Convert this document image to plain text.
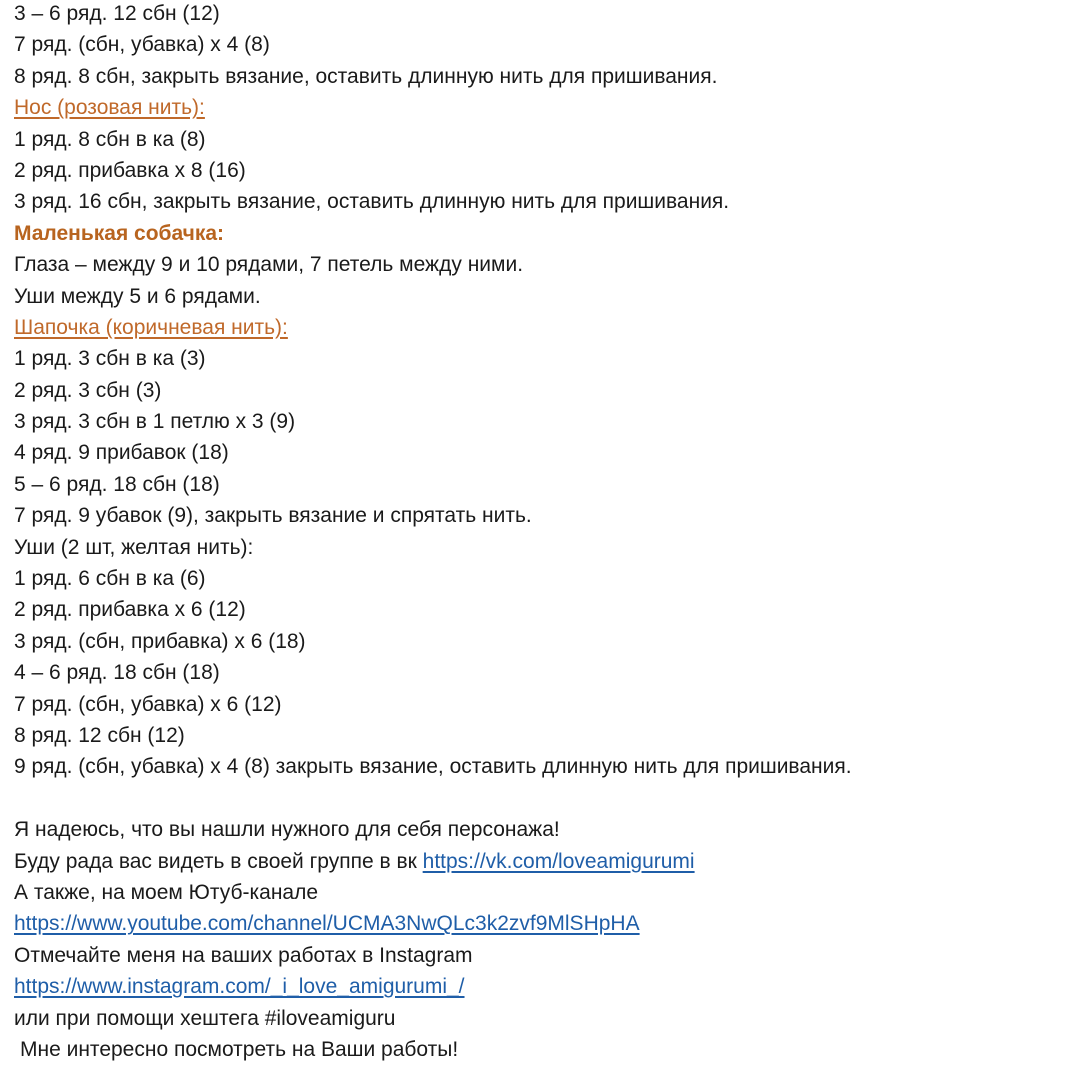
3 – 6 ряд. 12 сбн (12)
7 ряд. (сбн, убавка) х 4 (8)
8 ряд. 8 сбн, закрыть вязание, оставить длинную нить для пришивания.
Нос (розовая нить):
1 ряд. 8 сбн в ка (8)
2 ряд. прибавка х 8 (16)
3 ряд. 16 сбн, закрыть вязание, оставить длинную нить для пришивания.
Маленькая собачка:
Глаза – между 9 и 10 рядами, 7 петель между ними.
Уши между 5 и 6 рядами.
Шапочка (коричневая нить):
1 ряд. 3 сбн в ка (3)
2 ряд. 3 сбн (3)
3 ряд. 3 сбн в 1 петлю х 3 (9)
4 ряд. 9 прибавок (18)
5 – 6 ряд. 18 сбн (18)
7 ряд. 9 убавок (9), закрыть вязание и спрятать нить.
Уши (2 шт, желтая нить):
1 ряд. 6 сбн в ка (6)
2 ряд. прибавка х 6 (12)
3 ряд. (сбн, прибавка) х 6 (18)
4 – 6 ряд. 18 сбн (18)
7 ряд. (сбн, убавка) х 6 (12)
8 ряд. 12 сбн (12)
9 ряд. (сбн, убавка) х 4 (8) закрыть вязание, оставить длинную нить для пришивания.
Я надеюсь, что вы нашли нужного для себя персонажа!
Буду рада вас видеть в своей группе в вк https://vk.com/loveamigurumi
А также, на моем Ютуб-канале
https://www.youtube.com/channel/UCMA3NwQLc3k2zvf9MlSHpHA
Отмечайте меня на ваших работах в Instagram
https://www.instagram.com/_i_love_amigurumi_/
или при помощи хештега #iloveamiguru
Мне интересно посмотреть на Ваши работы!
